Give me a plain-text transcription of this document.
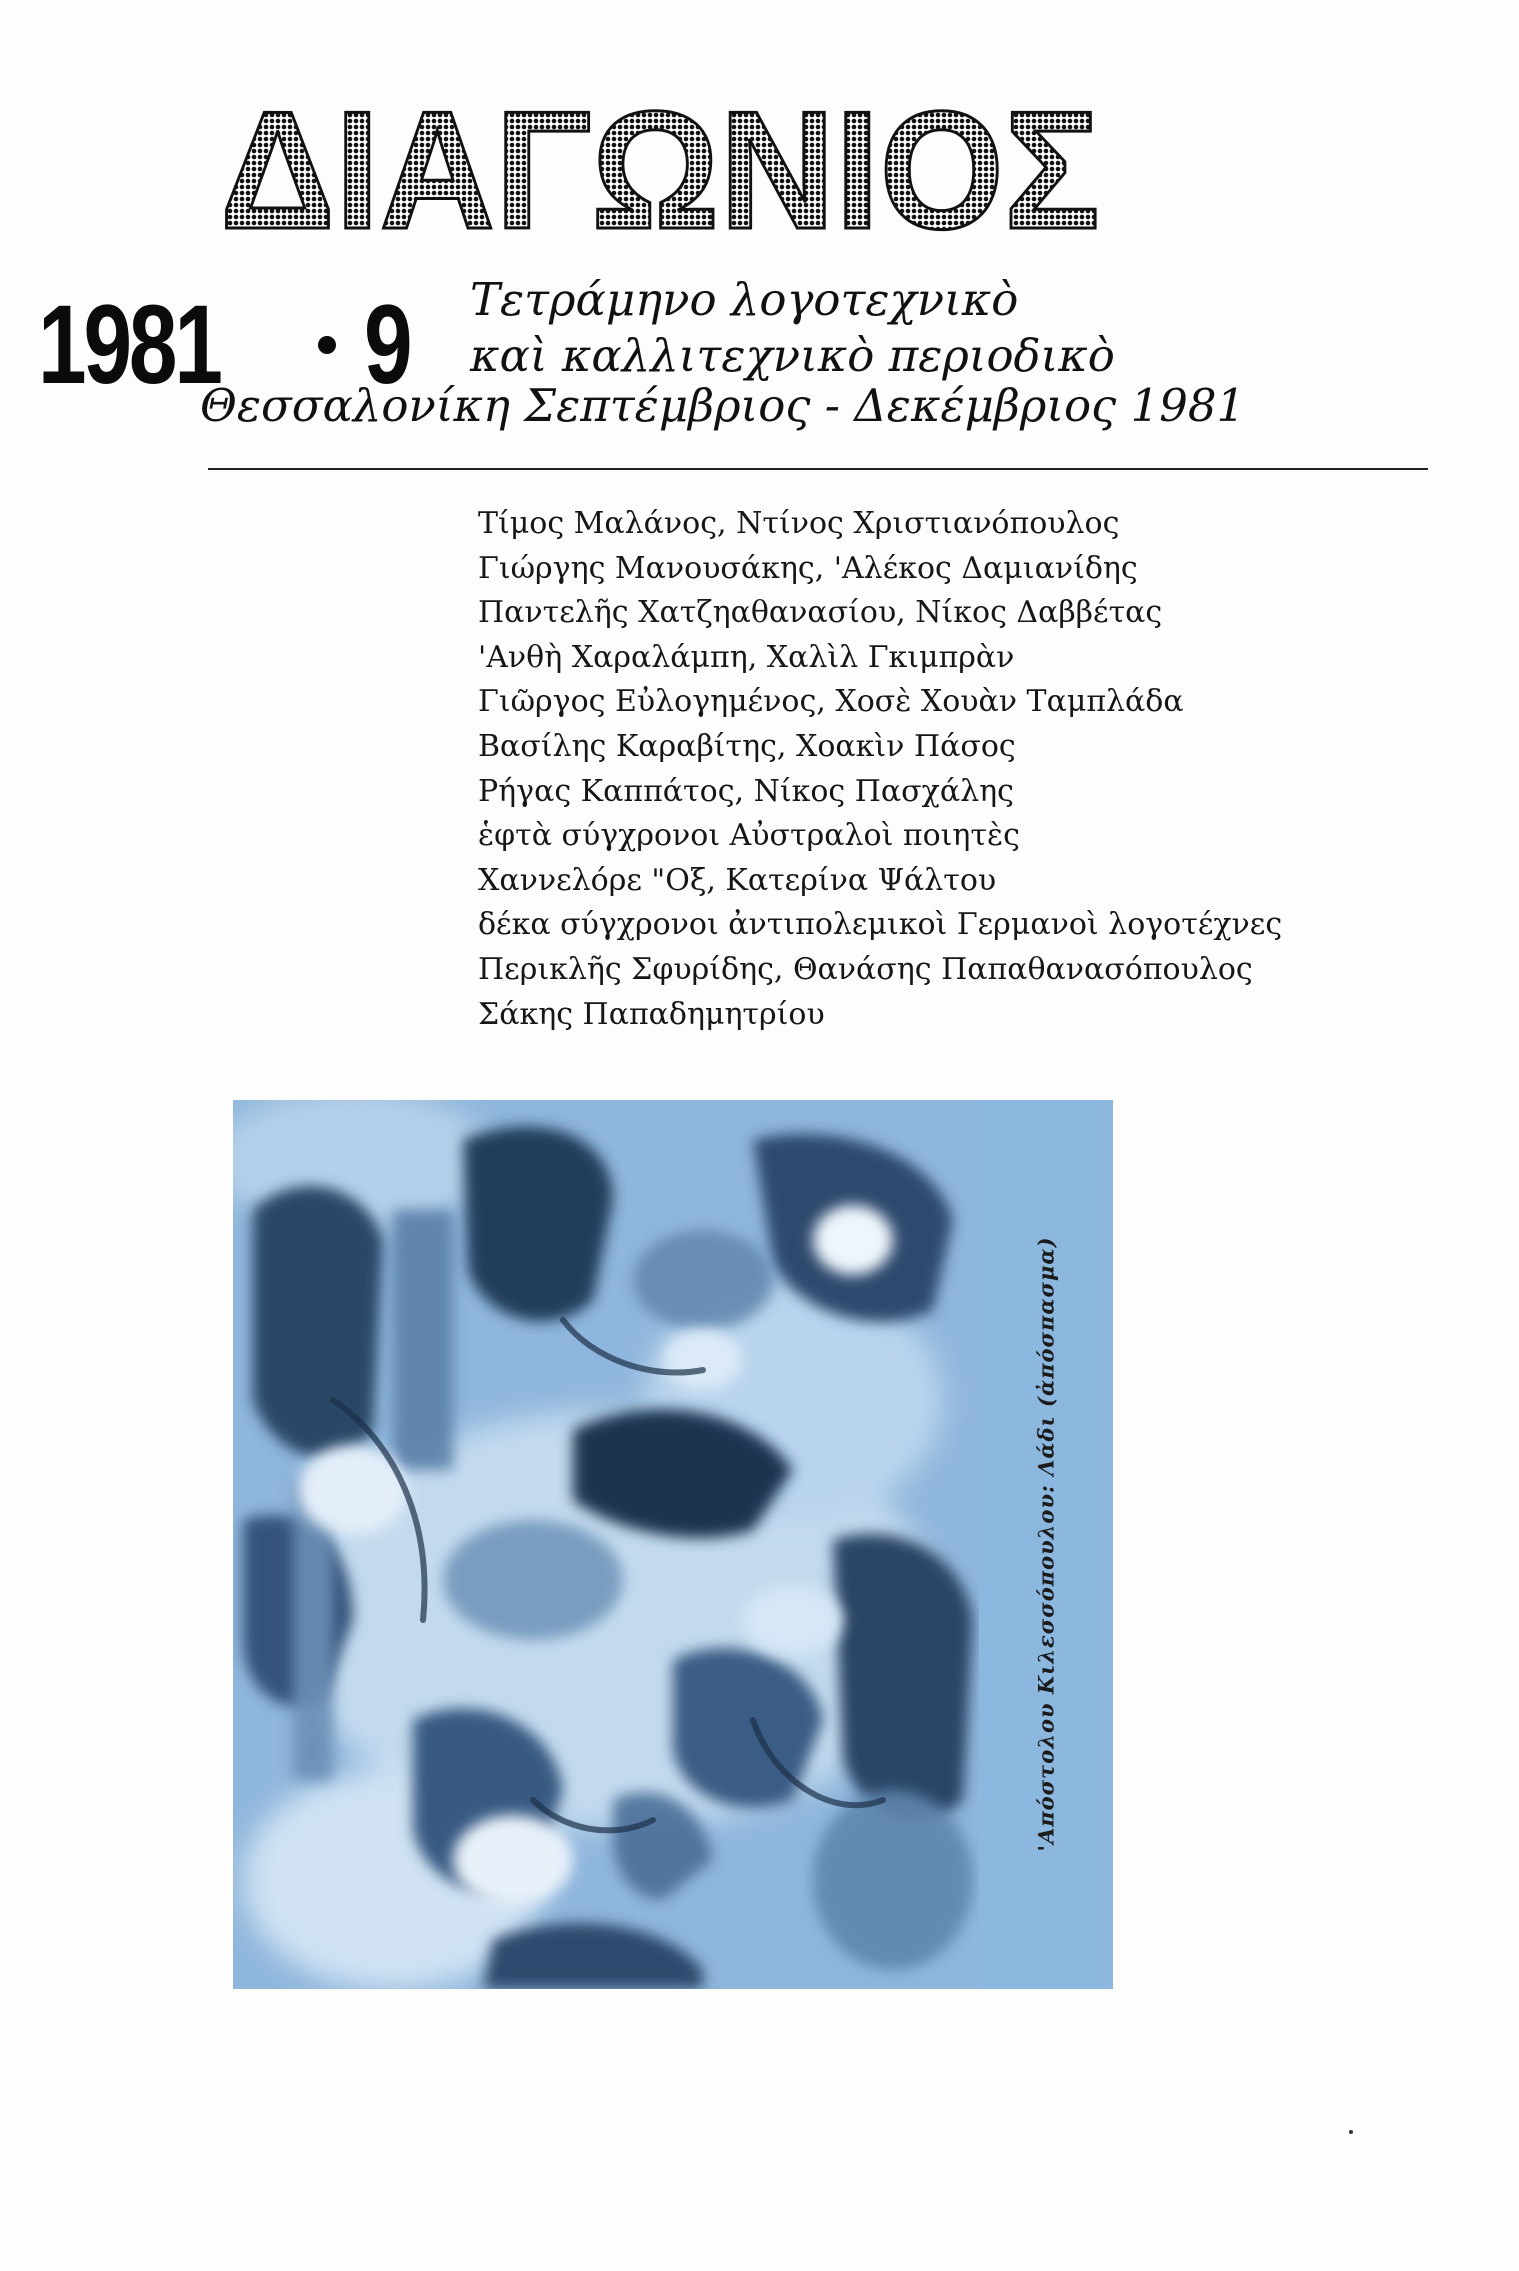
ΔΙΑΓΩΝΙΟΣ
1981 9 Τετράμηνο λογοτεχνικὸ
καὶ καλλιτεχνικὸ περιοδικὸ
Θεσσαλονίκη Σεπτέμβριος - Δεκέμβριος 1981
Τίμος Μαλάνος, Ντίνος Χριστιανόπουλος
Γιώργης Μανουσάκης, 'Αλέκος Δαμιανίδης
Παντελῆς Χατζηαθανασίου, Νίκος Δαββέτας
'Ανθὴ Χαραλάμπη, Χαλὶλ Γκιμπρὰν
Γιῶργος Εὐλογημένος, Χοσὲ Χουὰν Ταμπλάδα
Βασίλης Καραβίτης, Χοακὶν Πάσος
Ρήγας Καππάτος, Νίκος Πασχάλης
ἑφτὰ σύγχρονοι Αὐστραλοὶ ποιητὲς
Χαννελόρε "Οξ, Κατερίνα Ψάλτου
δέκα σύγχρονοι ἀντιπολεμικοὶ Γερμανοὶ λογοτέχνες
Περικλῆς Σφυρίδης, Θανάσης Παπαθανασόπουλος
Σάκης Παπαδημητρίου
'Απόστολου Κιλεσσόπουλου: Λάδι (ἀπόσπασμα)
